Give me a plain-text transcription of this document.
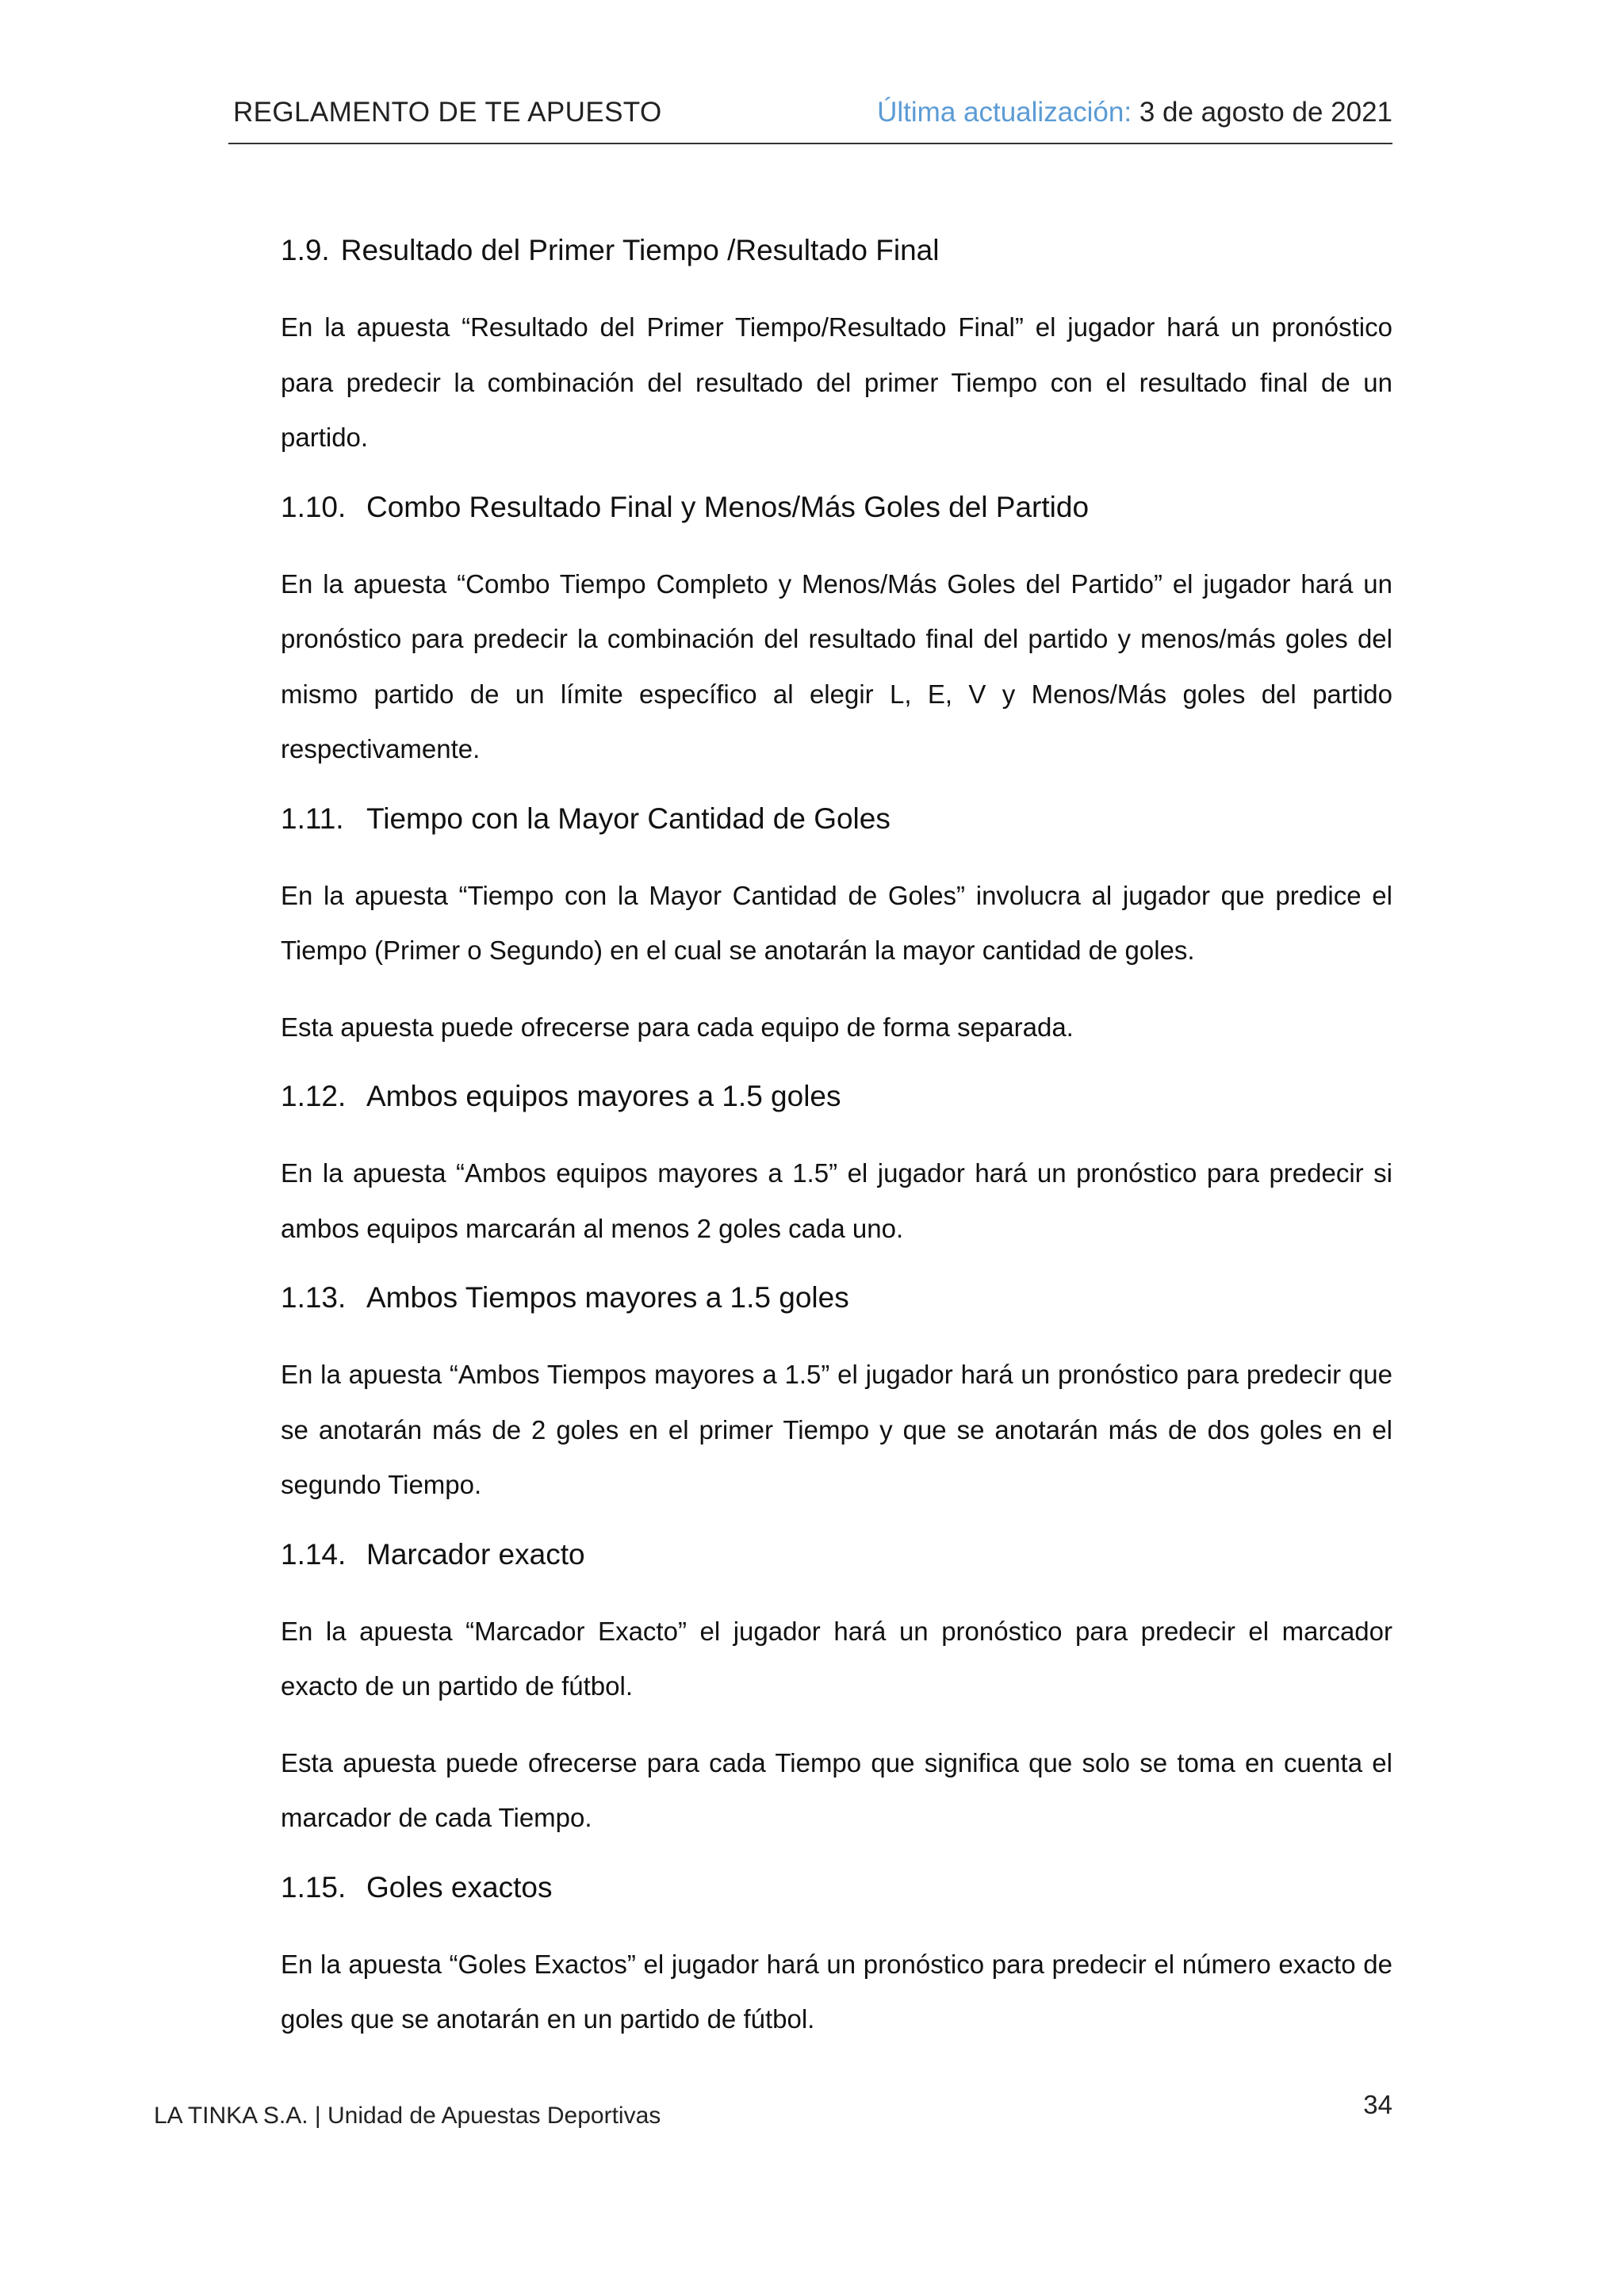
REGLAMENTO DE TE APUESTO	Última actualización: 3 de agosto de 2021
1.9. Resultado del Primer Tiempo /Resultado Final

En la apuesta “Resultado del Primer Tiempo/Resultado Final” el jugador hará un pronóstico para predecir la combinación del resultado del primer Tiempo con el resultado final de un partido.

1.10. Combo Resultado Final y Menos/Más Goles del Partido

En la apuesta “Combo Tiempo Completo y Menos/Más Goles del Partido” el jugador hará un pronóstico para predecir la combinación del resultado final del partido y menos/más goles del mismo partido de un límite específico al elegir L, E, V y Menos/Más goles del partido respectivamente.

1.11. Tiempo con la Mayor Cantidad de Goles

En la apuesta “Tiempo con la Mayor Cantidad de Goles” involucra al jugador que predice el Tiempo (Primer o Segundo) en el cual se anotarán la mayor cantidad de goles.

Esta apuesta puede ofrecerse para cada equipo de forma separada.

1.12. Ambos equipos mayores a 1.5 goles

En la apuesta “Ambos equipos mayores a 1.5” el jugador hará un pronóstico para predecir si ambos equipos marcarán al menos 2 goles cada uno.

1.13. Ambos Tiempos mayores a 1.5 goles

En la apuesta “Ambos Tiempos mayores a 1.5” el jugador hará un pronóstico para predecir que se anotarán más de 2 goles en el primer Tiempo y que se anotarán más de dos goles en el segundo Tiempo.

1.14. Marcador exacto

En la apuesta “Marcador Exacto” el jugador hará un pronóstico para predecir el marcador exacto de un partido de fútbol.

Esta apuesta puede ofrecerse para cada Tiempo que significa que solo se toma en cuenta el marcador de cada Tiempo.

1.15. Goles exactos

En la apuesta “Goles Exactos” el jugador hará un pronóstico para predecir el número exacto de goles que se anotarán en un partido de fútbol.

LA TINKA S.A. | Unidad de Apuestas Deportivas	34
